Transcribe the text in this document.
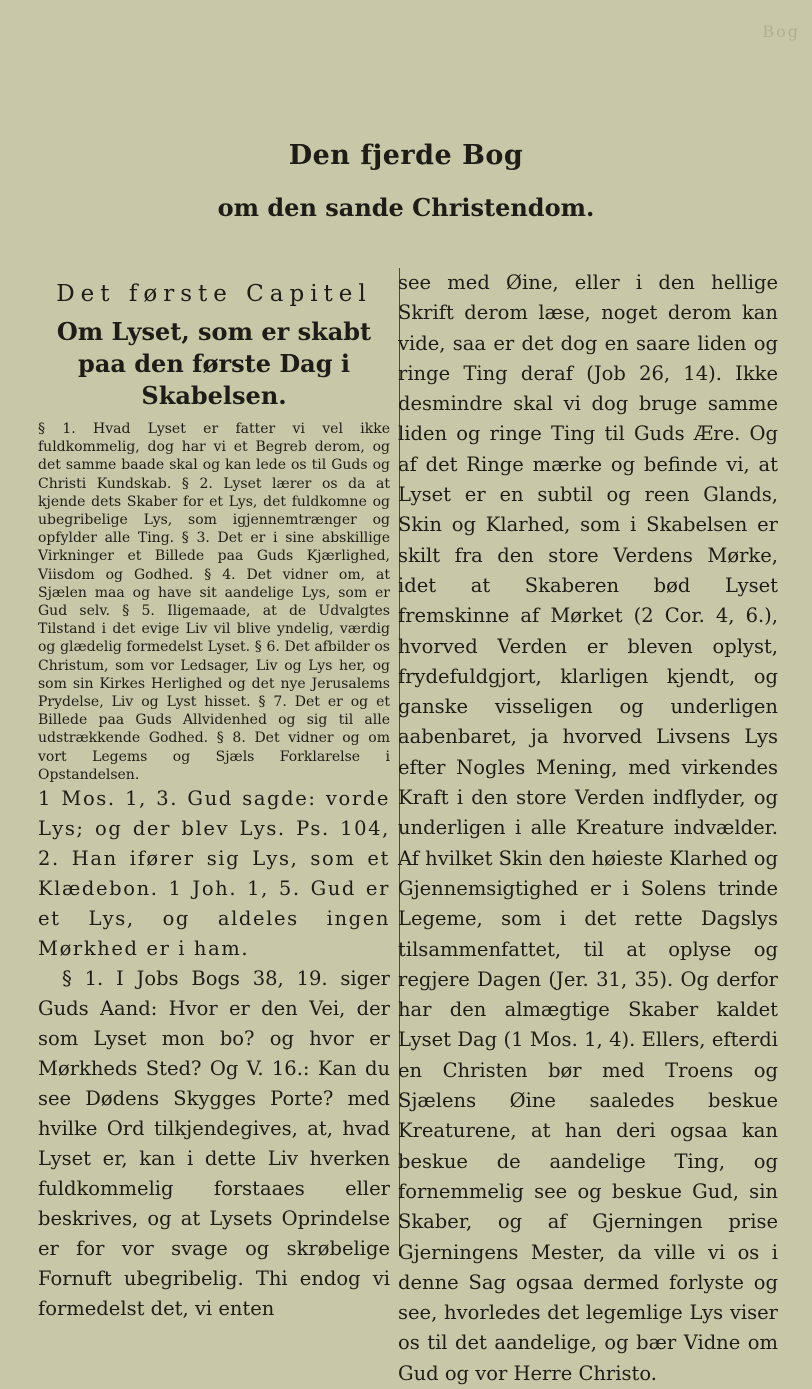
Bog
Den fjerde Bog
om den sande Christendom.
Det første Capitel
Om Lyset, som er skabt paa den første Dag i Skabelsen.

§ 1. Hvad Lyset er fatter vi vel ikke fuldkommelig, dog har vi et Begreb derom, og det samme baade skal og kan lede os til Guds og Christi Kundskab. § 2. Lyset lærer os da at kjende dets Skaber for et Lys, det fuldkomne og ubegribelige Lys, som igjennemtrænger og opfylder alle Ting. § 3. Det er i sine abskillige Virkninger et Billede paa Guds Kjærlighed, Viisdom og Godhed. § 4. Det vidner om, at Sjælen maa og have sit aandelige Lys, som er Gud selv. § 5. Iligemaade, at de Udvalgtes Tilstand i det evige Liv vil blive yndelig, værdig og glædelig formedelst Lyset. § 6. Det afbilder os Christum, som vor Ledsager, Liv og Lys her, og som sin Kirkes Herlighed og det nye Jerusalems Prydelse, Liv og Lyst hisset. § 7. Det er og et Billede paa Guds Allvidenhed og sig til alle udstrækkende Godhed. § 8. Det vidner og om vort Legems og Sjæls Forklarelse i Opstandelsen.

1 Mos. 1, 3. Gud sagde: vorde Lys; og der blev Lys. Ps. 104, 2. Han ifører sig Lys, som et Klædebon. 1 Joh. 1, 5. Gud er et Lys, og aldeles ingen Mørkhed er i ham.

§ 1. I Jobs Bogs 38, 19. siger Guds Aand: Hvor er den Vei, der som Lyset mon bo? og hvor er Mørkheds Sted? Og V. 16.: Kan du see Dødens Skygges Porte? med hvilke Ord tilkjendegives, at, hvad Lyset er, kan i dette Liv hverken fuldkommelig forstaaes eller beskrives, og at Lysets Oprindelse er for vor svage og skrøbelige Fornuft ubegribelig. Thi endog vi formedelst det, vi enten

see med Øine, eller i den hellige Skrift derom læse, noget derom kan vide, saa er det dog en saare liden og ringe Ting deraf (Job 26, 14). Ikke desmindre skal vi dog bruge samme liden og ringe Ting til Guds Ære. Og af det Ringe mærke og befinde vi, at Lyset er en subtil og reen Glands, Skin og Klarhed, som i Skabelsen er skilt fra den store Verdens Mørke, idet at Skaberen bød Lyset fremskinne af Mørket (2 Cor. 4, 6.), hvorved Verden er bleven oplyst, frydefuldgjort, klarligen kjendt, og ganske visseligen og underligen aabenbaret, ja hvorved Livsens Lys efter Nogles Mening, med virkendes Kraft i den store Verden indflyder, og underligen i alle Kreature indvælder. Af hvilket Skin den høieste Klarhed og Gjennemsigtighed er i Solens trinde Legeme, som i det rette Dagslys tilsammenfattet, til at oplyse og regjere Dagen (Jer. 31, 35). Og derfor har den almægtige Skaber kaldet Lyset Dag (1 Mos. 1, 4). Ellers, efterdi en Christen bør med Troens og Sjælens Øine saaledes beskue Kreaturene, at han deri ogsaa kan beskue de aandelige Ting, og fornemmelig see og beskue Gud, sin Skaber, og af Gjerningen prise Gjerningens Mester, da ville vi os i denne Sag ogsaa dermed forlyste og see, hvorledes det legemlige Lys viser os til det aandelige, og bær Vidne om Gud og vor Herre Christo.
